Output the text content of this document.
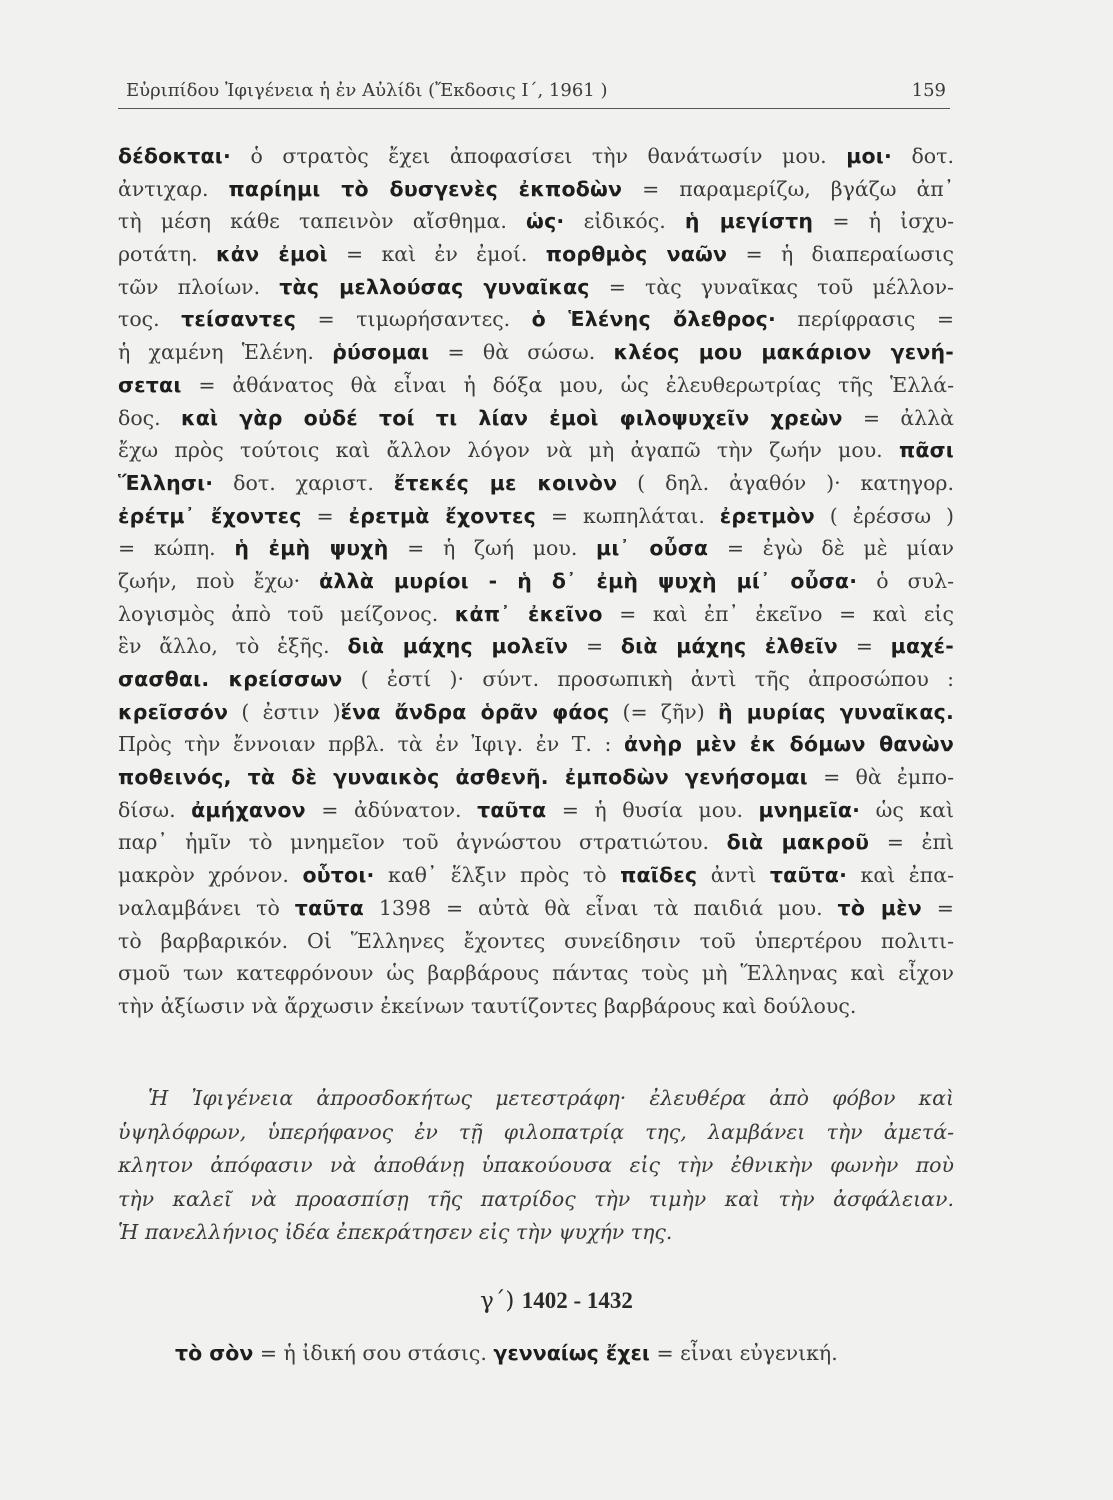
Εὐριπίδου Ἰφιγένεια ἡ ἐν Αὐλίδι (Ἔκδοσις Ι΄, 1961 )	159
δέδοκται· ὁ στρατὸς ἔχει ἀποφασίσει τὴν θανάτωσίν μου. μοι· δοτ.
ἀντιχαρ. παρίημι τὸ δυσγενὲς ἐκποδὼν = παραμερίζω, βγάζω ἀπ᾽
τὴ μέση κάθε ταπεινὸν αἴσθημα. ὡς· εἰδικός. ἡ μεγίστη = ἡ ἰσχυ-
ροτάτη. κἀν ἐμοὶ = καὶ ἐν ἐμοί. πορθμὸς ναῶν = ἡ διαπεραίωσις
τῶν πλοίων. τὰς μελλούσας γυναῖκας = τὰς γυναῖκας τοῦ μέλλον-
τος. τείσαντες = τιμωρήσαντες. ὁ Ἑλένης ὄλεθρος· περίφρασις =
ἡ χαμένη Ἑλένη. ῥύσομαι = θὰ σώσω. κλέος μου μακάριον γενή-
σεται = ἀθάνατος θὰ εἶναι ἡ δόξα μου, ὡς ἐλευθερωτρίας τῆς Ἑλλά-
δος. καὶ γὰρ οὐδέ τοί τι λίαν ἐμοὶ φιλοψυχεῖν χρεὼν = ἀλλὰ
ἔχω πρὸς τούτοις καὶ ἄλλον λόγον νὰ μὴ ἀγαπῶ τὴν ζωήν μου. πᾶσι
Ἕλλησι· δοτ. χαριστ. ἔτεκές με κοινὸν ( δηλ. ἀγαθόν )· κατηγορ.
ἐρέτμ᾽ ἔχοντες = ἐρετμὰ ἔχοντες = κωπηλάται. ἐρετμὸν ( ἐρέσσω )
= κώπη. ἡ ἐμὴ ψυχὴ = ἡ ζωή μου. μι᾽ οὖσα = ἐγὼ δὲ μὲ μίαν
ζωήν, ποὺ ἔχω· ἀλλὰ μυρίοι - ἡ δ᾽ ἐμὴ ψυχὴ μί᾽ οὖσα· ὁ συλ-
λογισμὸς ἀπὸ τοῦ μείζονος. κἀπ᾽ ἐκεῖνο = καὶ ἐπ᾽ ἐκεῖνο = καὶ εἰς
ἓν ἄλλο, τὸ ἑξῆς. διὰ μάχης μολεῖν = διὰ μάχης ἐλθεῖν = μαχέ-
σασθαι. κρείσσων ( ἐστί )· σύντ. προσωπικὴ ἀντὶ τῆς ἀπροσώπου :
κρεῖσσόν ( ἐστιν )ἕνα ἄνδρα ὁρᾶν φάος (= ζῆν) ἢ μυρίας γυναῖκας.
Πρὸς τὴν ἔννοιαν πρβλ. τὰ ἐν Ἰφιγ. ἐν Τ. : ἀνὴρ μὲν ἐκ δόμων θανὼν
ποθεινός, τὰ δὲ γυναικὸς ἀσθενῆ. ἐμποδὼν γενήσομαι = θὰ ἐμπο-
δίσω. ἀμήχανον = ἀδύνατον. ταῦτα = ἡ θυσία μου. μνημεῖα· ὡς καὶ
παρ᾽ ἡμῖν τὸ μνημεῖον τοῦ ἀγνώστου στρατιώτου. διὰ μακροῦ = ἐπὶ
μακρὸν χρόνον. οὗτοι· καθ᾽ ἕλξιν πρὸς τὸ παῖδες ἀντὶ ταῦτα· καὶ ἐπα-
ναλαμβάνει τὸ ταῦτα 1398 = αὐτὰ θὰ εἶναι τὰ παιδιά μου. τὸ μὲν =
τὸ βαρβαρικόν. Οἱ Ἕλληνες ἔχοντες συνείδησιν τοῦ ὑπερτέρου πολιτι-
σμοῦ των κατεφρόνουν ὡς βαρβάρους πάντας τοὺς μὴ Ἕλληνας καὶ εἶχον
τὴν ἀξίωσιν νὰ ἄρχωσιν ἐκείνων ταυτίζοντες βαρβάρους καὶ δούλους.
Ἡ Ἰφιγένεια ἀπροσδοκήτως μετεστράφη· ἐλευθέρα ἀπὸ φόβον καὶ
ὑψηλόφρων, ὑπερήφανος ἐν τῇ φιλοπατρίᾳ της, λαμβάνει τὴν ἀμετά-
κλητον ἀπόφασιν νὰ ἀποθάνῃ ὑπακούουσα εἰς τὴν ἐθνικὴν φωνὴν ποὺ
τὴν καλεῖ νὰ προασπίσῃ τῆς πατρίδος τὴν τιμὴν καὶ τὴν ἀσφάλειαν.
Ἡ πανελλήνιος ἰδέα ἐπεκράτησεν εἰς τὴν ψυχήν της.
γ΄) 1402 - 1432
τὸ σὸν = ἡ ἰδική σου στάσις. γενναίως ἔχει = εἶναι εὐγενική.
